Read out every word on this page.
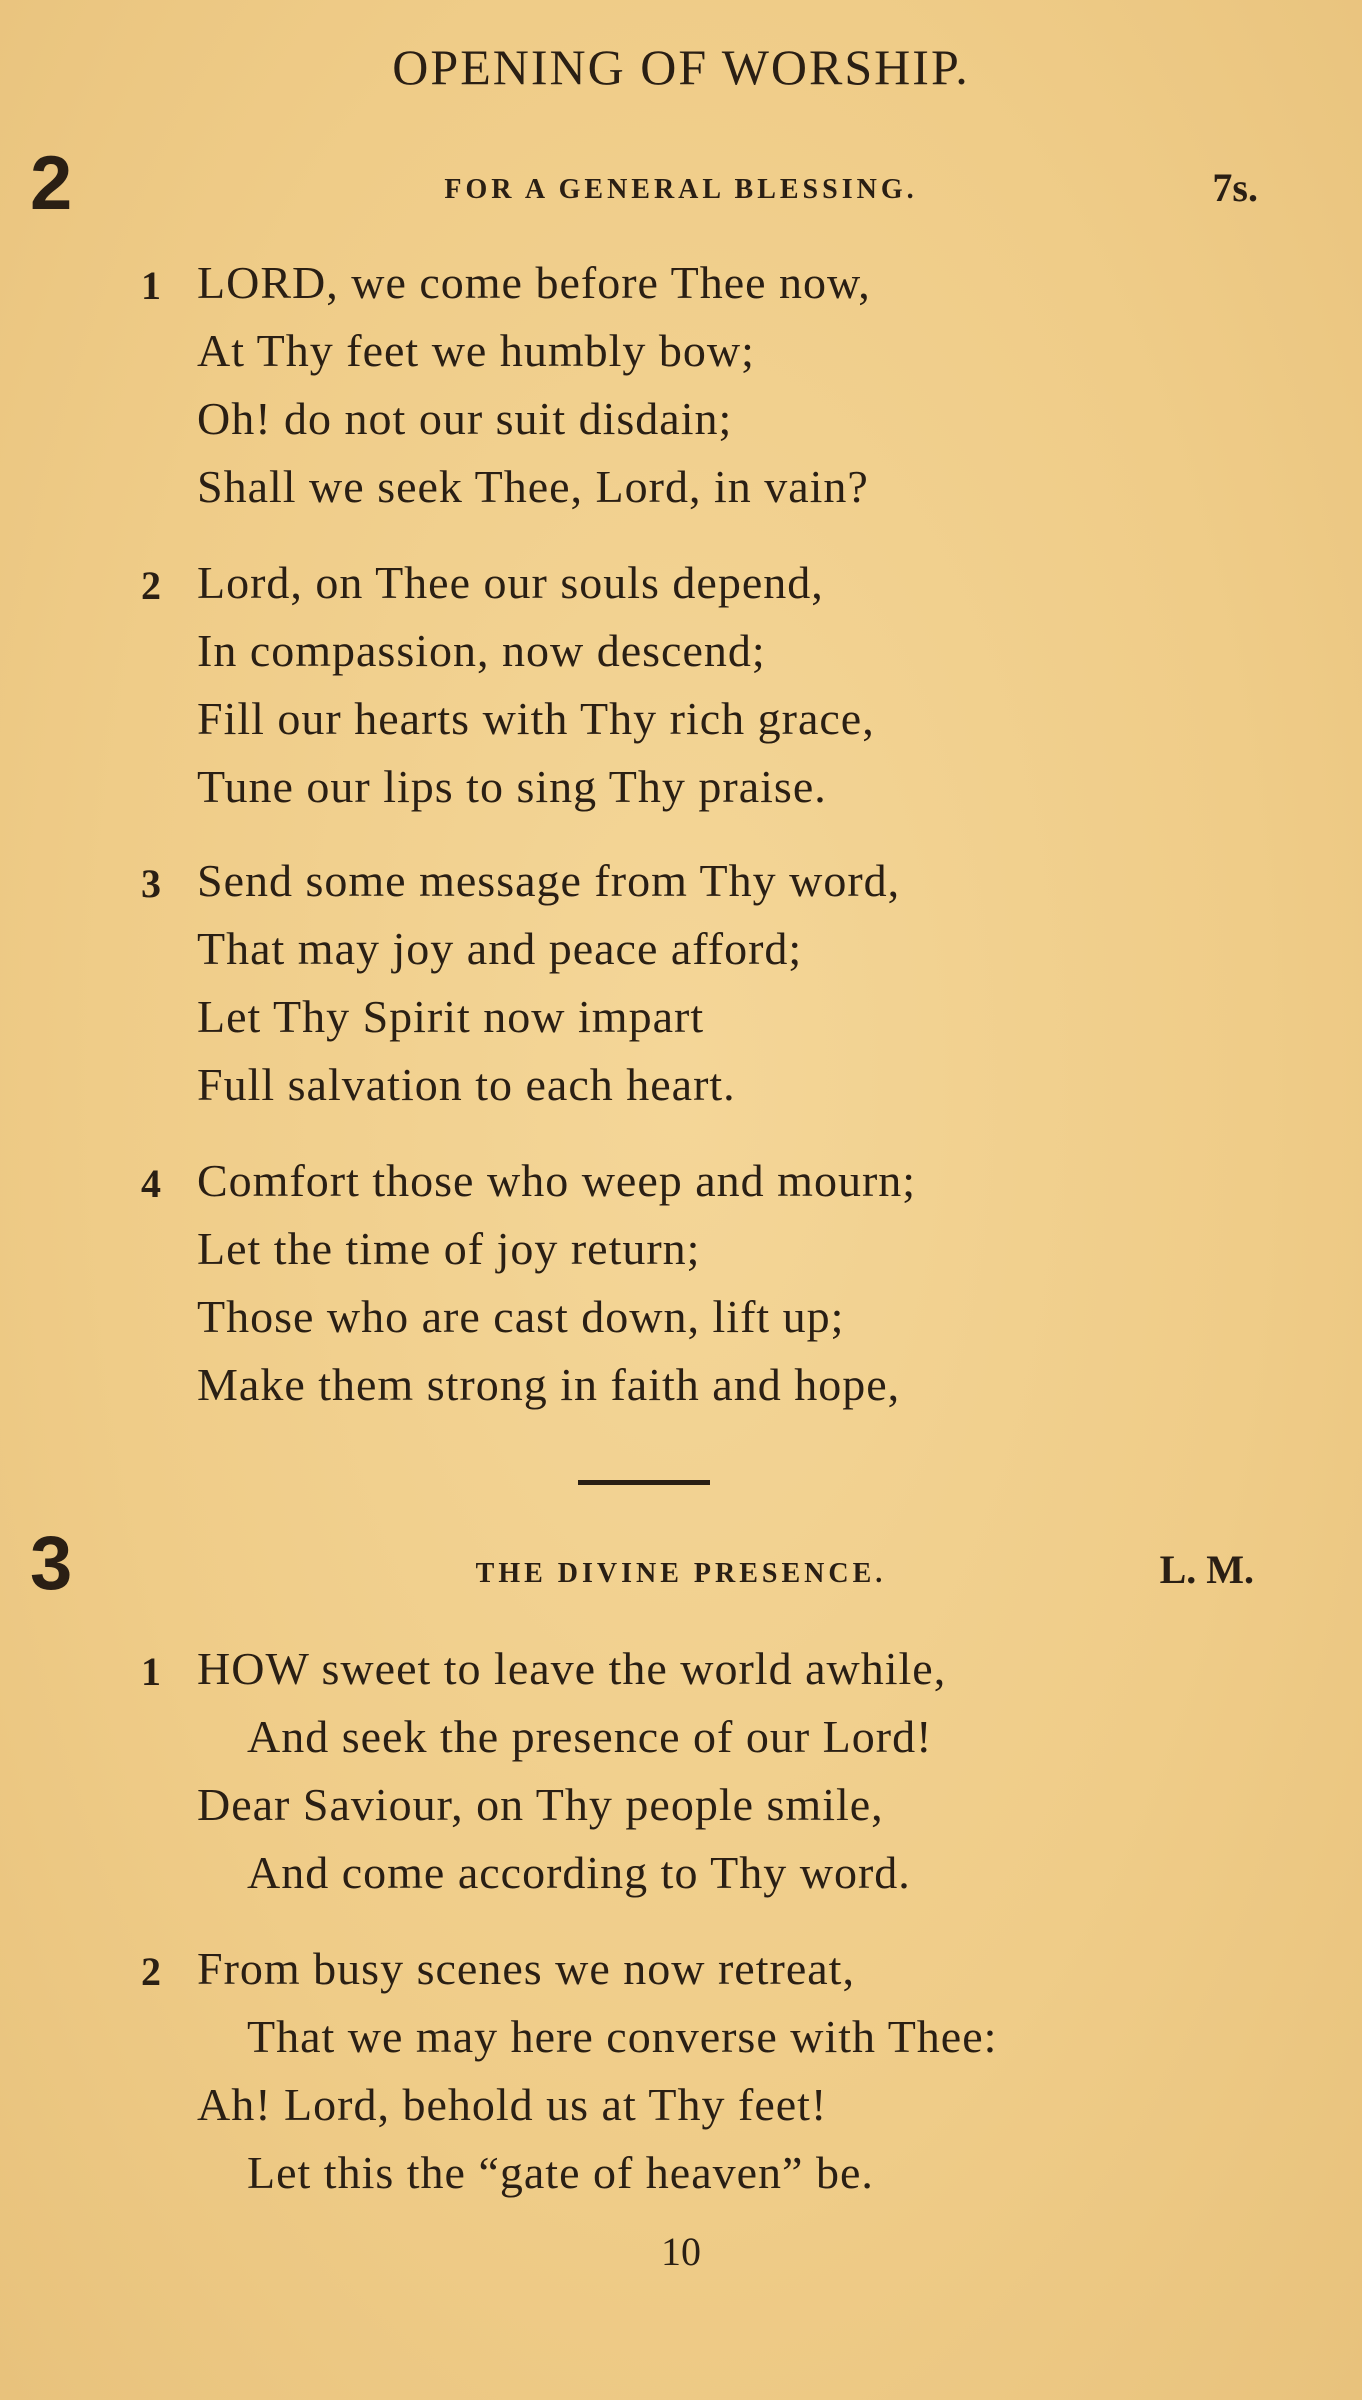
OPENING OF WORSHIP.
2	FOR A GENERAL BLESSING.	7s.
1 LORD, we come before Thee now,
At Thy feet we humbly bow;
Oh! do not our suit disdain;
Shall we seek Thee, Lord, in vain?
2 Lord, on Thee our souls depend,
In compassion, now descend;
Fill our hearts with Thy rich grace,
Tune our lips to sing Thy praise.
3 Send some message from Thy word,
That may joy and peace afford;
Let Thy Spirit now impart
Full salvation to each heart.
4 Comfort those who weep and mourn;
Let the time of joy return;
Those who are cast down, lift up;
Make them strong in faith and hope,
3	THE DIVINE PRESENCE.	L. M.
1 HOW sweet to leave the world awhile,
And seek the presence of our Lord!
Dear Saviour, on Thy people smile,
And come according to Thy word.
2 From busy scenes we now retreat,
That we may here converse with Thee:
Ah! Lord, behold us at Thy feet!
Let this the “gate of heaven” be.
10
